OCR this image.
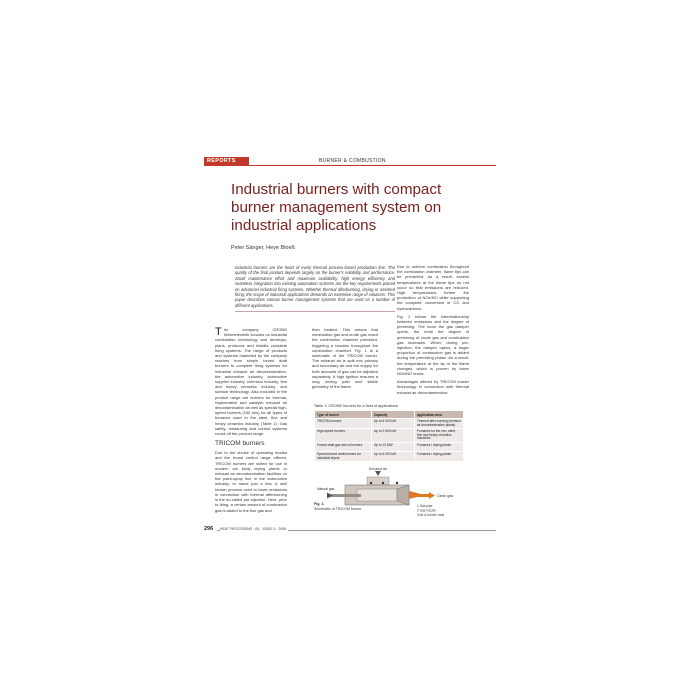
REPORTS	BURNER & COMBUSTION
Industrial burners with compact burner management system on industrial applications
Peter Sänger, Heye Bloeß
Industrial burners are the heart of every thermal process-based production line. The quality of the final product depends largely on the burner's reliability and performance. Small maintenance effort and maximum availability, high energy efficiency and seamless integration into existing automation systems are the key requirements placed on advanced industrial firing systems. Whether thermal afterburning, drying or assisted firing, the scope of industrial applications demands an extensive range of solutions. This paper describes various burner management systems that are used on a number of different applications.

The company CRONE Wärmetechnik focuses on industrial combustion technology and develops, plans, produces and installs complete firing systems. The range of products and systems marketed by the company reaches from simple forced draft burners to complete firing systems for industrial exhaust air decontamination, the automotive industry, automotive supplier industry, chemical industry, fine and heavy ceramics industry, and surface technology. Also included in the product range are burners for thermal, regenerative and catalytic exhaust air decontamination as well as special high-speed burners (150 m/s) for all types of furnaces used in the steel, fine and heavy ceramics industry (Table 1). Gas safety, measuring and control systems round off the product range.

TRICOM burners

Due to the choice of operating modes and the broad control range offered, TRICOM burners are suited for use in modern car body drying plants or exhaust air decontamination facilities on the paint-spray line in the automotive industry, to name just a few. A well known process used to lower emissions in connection with thermal afterburning is the so-called pre-injection. Here, prior to firing, a certain amount of combustion gas is added to the flue gas and

then treated. This means that combustion gas and crude gas reach the combustion chamber premixed, triggering a reaction throughout the combustion chamber. Fig. 1 is a schematic of the TRICOM burner. The exhaust air is split into primary and secondary air and the supply for both amounts of gas can be adjusted separately. A high ignition ensures a long mixing path and stable geometry of the flame.

Due to uniform combustion throughout the combustion chamber, flame tips can be prevented. As a result, excess temperatures at the flame tips do not occur so that emissions are reduced. High temperatures further the production of NOx/NO while supporting the complete conversion of CO and hydrocarbons.

Fig. 2 shows the interrelationship between emissions and the degree of premixing. The more the gas damper opens, the more the degree of premixing of crude gas and combustion gas increases. When, during pre-injection, the damper opens, a larger proportion of combustion gas is added during the premixing phase. As a result, the temperature at the tip of the flame changes, which is proven by lower NOx/NO levels.

Advantages offered by TRICOM burner technology in connection with thermal exhaust air decontamination:

Table 1: CRONE burners for a host of applications
Type of burner	Capacity	Application area
TRICOM burners	Up to 6 000 kW	Thermal after-burning (exhaust air decontamination plants)
High-speed burners	Up to 2 500 kW	Furnaces for the iron, steel, fine and heavy ceramics industries
Forced draft gas and oil burners	Up to 10 MW	Furnaces / drying plants
Special forced draft burners for industrial dryers	Up to 6 000 kW	Furnaces / drying plants
Exhaust air
Natural gas
Clean gas
1 Gas pipe
2 Gas nozzle
3 Air & burner vane
Fig. 1:
Schematic of TRICOM burner
296 HEAT PROCESSING · (6) · ISSUE 4 · 2008
